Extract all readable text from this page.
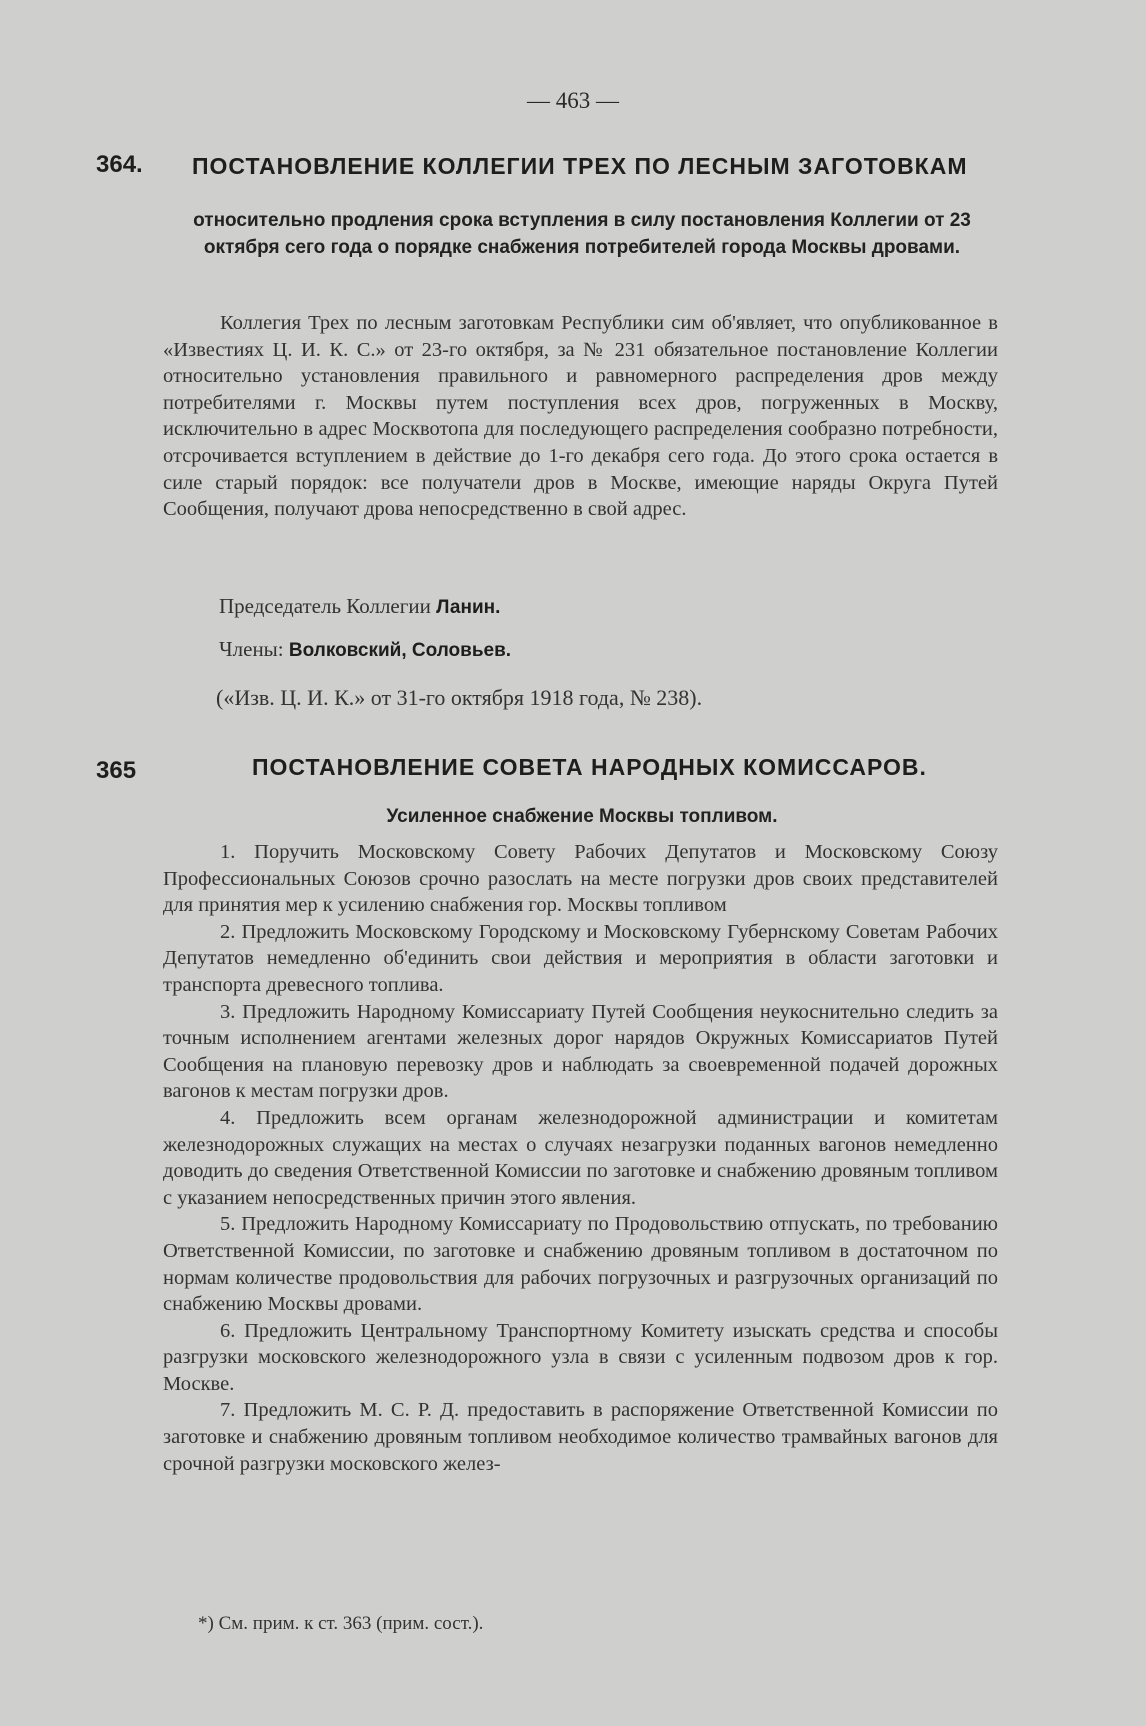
— 463 —
364. ПОСТАНОВЛЕНИЕ КОЛЛЕГИИ ТРЕХ ПО ЛЕСНЫМ ЗАГОТОВКАМ
относительно продления срока вступления в силу постановления Коллегии от 23 октября сего года о порядке снабжения потребителей города Москвы дровами.

Коллегия Трех по лесным заготовкам Республики сим об'являет, что опубликованное в «Известиях Ц. И. К. С.» от 23-го октября, за № 231 обязательное постановление Коллегии относительно установления правильного и равномерного распределения дров между потребителями г. Москвы путем поступления всех дров, погруженных в Москву, исключительно в адрес Москвотопа для последующего распределения сообразно потребности, отсрочивается вступлением в действие до 1-го декабря сего года. До этого срока остается в силе старый порядок: все получатели дров в Москве, имеющие наряды Округа Путей Сообщения, получают дрова непосредственно в свой адрес.

Председатель Коллегии Ланин.
Члены: Волковский, Соловьев.
(«Изв. Ц. И. К.» от 31-го октября 1918 года, № 238).
365	ПОСТАНОВЛЕНИЕ СОВЕТА НАРОДНЫХ КОМИССАРОВ.
Усиленное снабжение Москвы топливом.

1. Поручить Московскому Совету Рабочих Депутатов и Московскому Союзу Профессиональных Союзов срочно разослать на месте погрузки дров своих представителей для принятия мер к усилению снабжения гор. Москвы топливом

2. Предложить Московскому Городскому и Московскому Губернскому Советам Рабочих Депутатов немедленно об'единить свои действия и мероприятия в области заготовки и транспорта древесного топлива.

3. Предложить Народному Комиссариату Путей Сообщения неукоснительно следить за точным исполнением агентами железных дорог нарядов Окружных Комиссариатов Путей Сообщения на плановую перевозку дров и наблюдать за своевременной подачей дорожных вагонов к местам погрузки дров.

4. Предложить всем органам железнодорожной администрации и комитетам железнодорожных служащих на местах о случаях незагрузки поданных вагонов немедленно доводить до сведения Ответственной Комиссии по заготовке и снабжению дровяным топливом с указанием непосредственных причин этого явления.

5. Предложить Народному Комиссариату по Продовольствию отпускать, по требованию Ответственной Комиссии, по заготовке и снабжению дровяным топливом в достаточном по нормам количестве продовольствия для рабочих погрузочных и разгрузочных организаций по снабжению Москвы дровами.

6. Предложить Центральному Транспортному Комитету изыскать средства и способы разгрузки московского железнодорожного узла в связи с усиленным подвозом дров к гор. Москве.

7. Предложить М. С. Р. Д. предоставить в распоряжение Ответственной Комиссии по заготовке и снабжению дровяным топливом необходимое количество трамвайных вагонов для срочной разгрузки московского желез-

*) См. прим. к ст. 363 (прим. сост.).
